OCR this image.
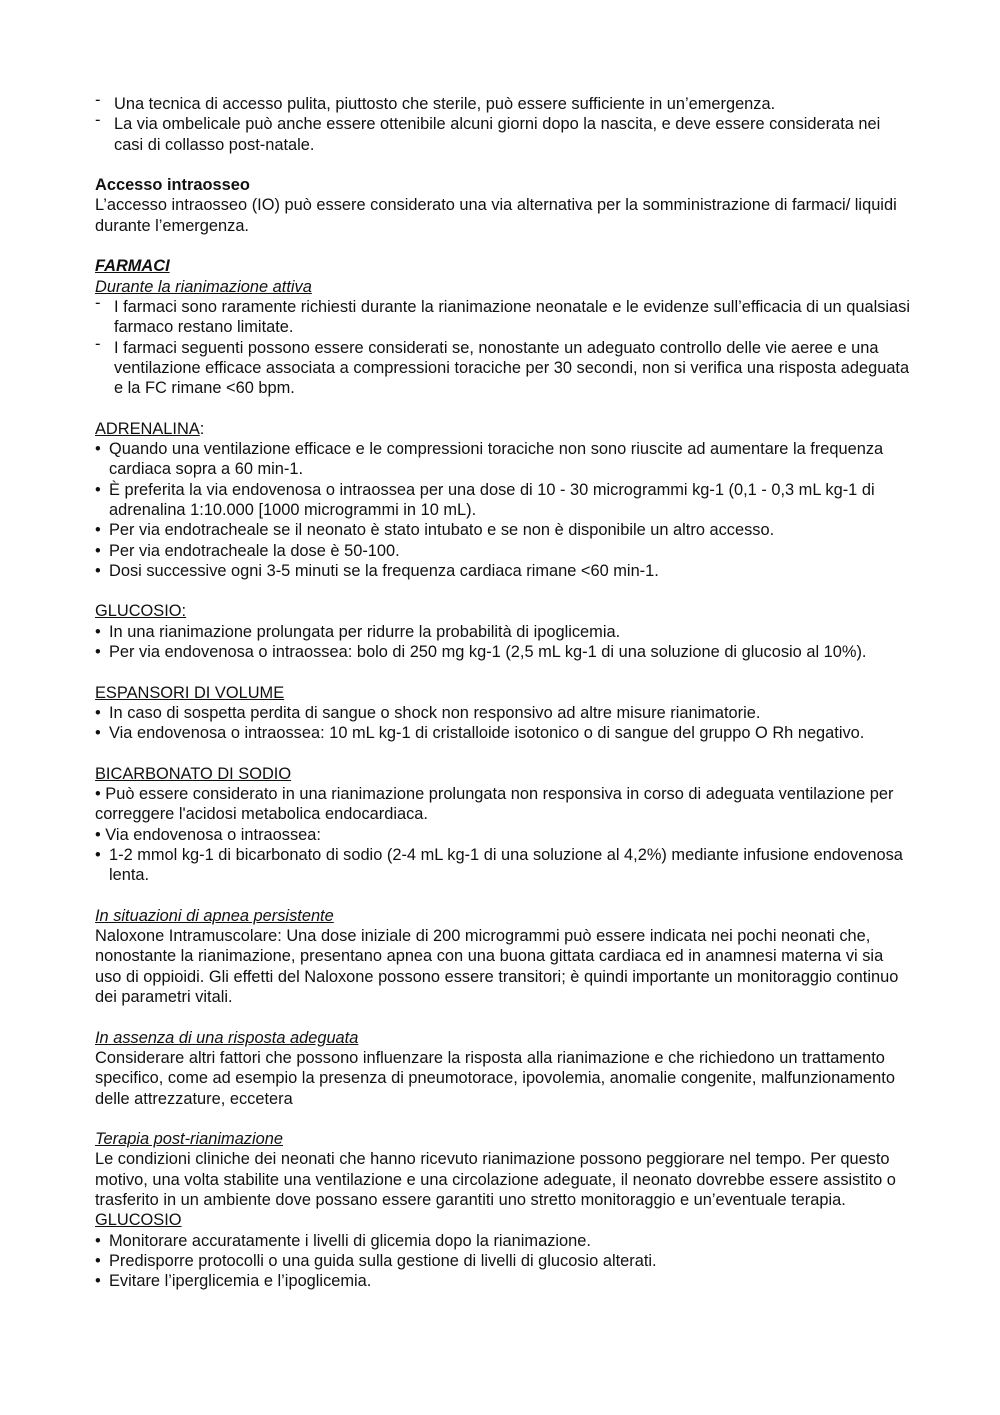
- Una tecnica di accesso pulita, piuttosto che sterile, può essere sufficiente in un’emergenza.
- La via ombelicale può anche essere ottenibile alcuni giorni dopo la nascita, e deve essere considerata nei casi di collasso post-natale.
Accesso intraosseo
L’accesso intraosseo (IO) può essere considerato una via alternativa per la somministrazione di farmaci/ liquidi durante l’emergenza.
FARMACI
Durante la rianimazione attiva
- I farmaci sono raramente richiesti durante la rianimazione neonatale e le evidenze sull’efficacia di un qualsiasi farmaco restano limitate.
- I farmaci seguenti possono essere considerati se, nonostante un adeguato controllo delle vie aeree e una ventilazione efficace associata a compressioni toraciche per 30 secondi, non si verifica una risposta adeguata e la FC rimane <60 bpm.
ADRENALINA:
• Quando una ventilazione efficace e le compressioni toraciche non sono riuscite ad aumentare la frequenza cardiaca sopra a 60 min-1.
• È preferita la via endovenosa o intraossea per una dose di 10 - 30 microgrammi kg-1 (0,1 - 0,3 mL kg-1 di adrenalina 1:10.000 [1000 microgrammi in 10 mL).
• Per via endotracheale se il neonato è stato intubato e se non è disponibile un altro accesso.
• Per via endotracheale la dose è 50-100.
• Dosi successive ogni 3-5 minuti se la frequenza cardiaca rimane <60 min-1.
GLUCOSIO:
• In una rianimazione prolungata per ridurre la probabilità di ipoglicemia.
• Per via endovenosa o intraossea: bolo di 250 mg kg-1 (2,5 mL kg-1 di una soluzione di glucosio al 10%).
ESPANSORI DI VOLUME
• In caso di sospetta perdita di sangue o shock non responsivo ad altre misure rianimatorie.
• Via endovenosa o intraossea: 10 mL kg-1 di cristalloide isotonico o di sangue del gruppo O Rh negativo.
BICARBONATO DI SODIO
• Può essere considerato in una rianimazione prolungata non responsiva in corso di adeguata ventilazione per correggere l'acidosi metabolica endocardiaca.
• Via endovenosa o intraossea:
• 1-2 mmol kg-1 di bicarbonato di sodio (2-4 mL kg-1 di una soluzione al 4,2%) mediante infusione endovenosa lenta.
In situazioni di apnea persistente
Naloxone Intramuscolare: Una dose iniziale di 200 microgrammi può essere indicata nei pochi neonati che, nonostante la rianimazione, presentano apnea con una buona gittata cardiaca ed in anamnesi materna vi sia uso di oppioidi. Gli effetti del Naloxone possono essere transitori; è quindi importante un monitoraggio continuo dei parametri vitali.
In assenza di una risposta adeguata
Considerare altri fattori che possono influenzare la risposta alla rianimazione e che richiedono un trattamento specifico, come ad esempio la presenza di pneumotorace, ipovolemia, anomalie congenite, malfunzionamento delle attrezzature, eccetera
Terapia post-rianimazione
Le condizioni cliniche dei neonati che hanno ricevuto rianimazione possono peggiorare nel tempo. Per questo motivo, una volta stabilite una ventilazione e una circolazione adeguate, il neonato dovrebbe essere assistito o trasferito in un ambiente dove possano essere garantiti uno stretto monitoraggio e un’eventuale terapia.
GLUCOSIO
• Monitorare accuratamente i livelli di glicemia dopo la rianimazione.
• Predisporre protocolli o una guida sulla gestione di livelli di glucosio alterati.
• Evitare l’iperglicemia e l’ipoglicemia.
